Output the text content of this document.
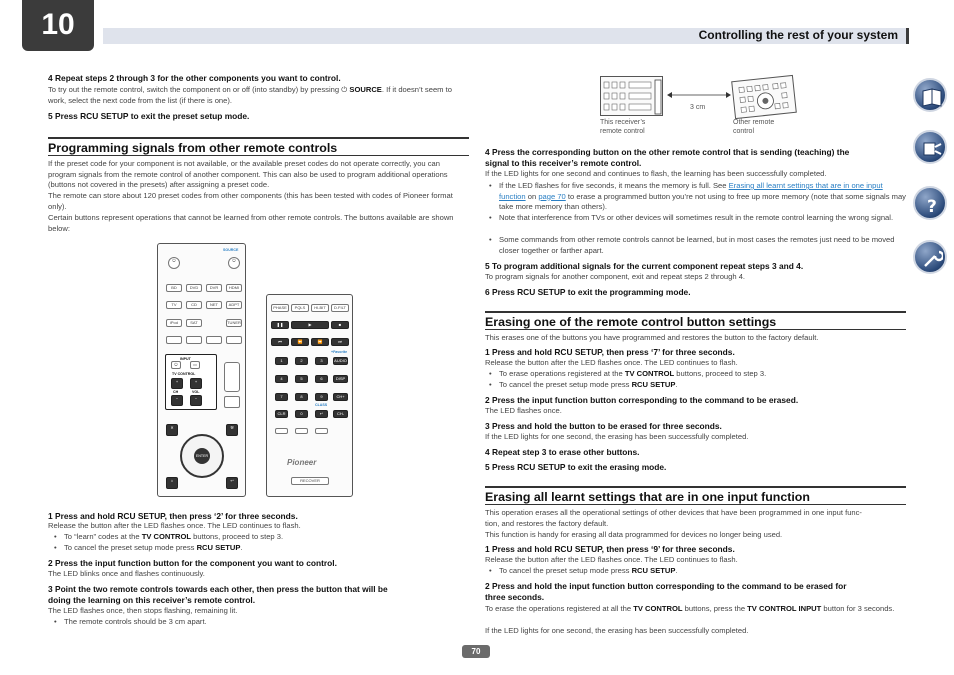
10	Controlling the rest of your system
?
4 Repeat steps 2 through 3 for the other components you want to control.
To try out the remote control, switch the component on or off (into standby) by pressing ⏻ SOURCE. If it doesn’t seem to work, select the next code from the list (if there is one).
5 Press RCU SETUP to exit the preset setup mode.
Programming signals from other remote controls
If the preset code for your component is not available, or the available preset codes do not operate correctly, you can program signals from the remote control of another component. This can also be used to program additional operations (buttons not covered in the presets) after assigning a preset code.
The remote can store about 120 preset codes from other components (this has been tested with codes of Pioneer format only).
Certain buttons represent operations that cannot be learned from other remote controls. The buttons available are shown below:
SOURCE
⏻	⏻
BD	DVD	DVR	HDMI
TV	CD	NET	ADPT
iPod	SAT	TUNER
INPUT
⏻	▭
TV CONTROL
+	+
CH	VOL
−	−
✕	⚒
ENTER
⌂	↩
PHASE	PQLS	HI-BIT	D.FILT
❚❚	▶	■
⏮	⏪	⏩	⏭
+Favorite
1	2	3	AUDIO
4	5	6	DISP
7	8	9	CH+
CLASS
CLR	0	↵	CH-
Pioneer
RECOVER
1 Press and hold RCU SETUP, then press ‘2’ for three seconds.
Release the button after the LED flashes once. The LED continues to flash.
• To “learn” codes at the TV CONTROL buttons, proceed to step 3.
• To cancel the preset setup mode press RCU SETUP.
2 Press the input function button for the component you want to control.
The LED blinks once and flashes continuously.
3 Point the two remote controls towards each other, then press the button that will be
doing the learning on this receiver’s remote control.
The LED flashes once, then stops flashing, remaining lit.
• The remote controls should be 3 cm apart.
This receiver’s
remote control
3 cm
Other remote
control
4 Press the corresponding button on the other remote control that is sending (teaching) the
signal to this receiver’s remote control.
If the LED lights for one second and continues to flash, the learning has been successfully completed.
• If the LED flashes for five seconds, it means the memory is full. See Erasing all learnt settings that are in one input function on page 70 to erase a programmed button you’re not using to free up more memory (note that some signals may take more memory than others).
• Note that interference from TVs or other devices will sometimes result in the remote control learning the wrong signal.
• Some commands from other remote controls cannot be learned, but in most cases the remotes just need to be moved closer together or farther apart.
5 To program additional signals for the current component repeat steps 3 and 4.
To program signals for another component, exit and repeat steps 2 through 4.
6 Press RCU SETUP to exit the programming mode.
Erasing one of the remote control button settings
This erases one of the buttons you have programmed and restores the button to the factory default.
1 Press and hold RCU SETUP, then press ‘7’ for three seconds.
Release the button after the LED flashes once. The LED continues to flash.
• To erase operations registered at the TV CONTROL buttons, proceed to step 3.
• To cancel the preset setup mode press RCU SETUP.
2 Press the input function button corresponding to the command to be erased.
The LED flashes once.
3 Press and hold the button to be erased for three seconds.
If the LED lights for one second, the erasing has been successfully completed.
4 Repeat step 3 to erase other buttons.
5 Press RCU SETUP to exit the erasing mode.
Erasing all learnt settings that are in one input function
This operation erases all the operational settings of other devices that have been programmed in one input func-
tion, and restores the factory default.
This function is handy for erasing all data programmed for devices no longer being used.
1 Press and hold RCU SETUP, then press ‘9’ for three seconds.
Release the button after the LED flashes once. The LED continues to flash.
• To cancel the preset setup mode press RCU SETUP.
2 Press and hold the input function button corresponding to the command to be erased for
three seconds.
To erase the operations registered at all the TV CONTROL buttons, press the TV CONTROL INPUT button for 3 seconds.
If the LED lights for one second, the erasing has been successfully completed.
70
